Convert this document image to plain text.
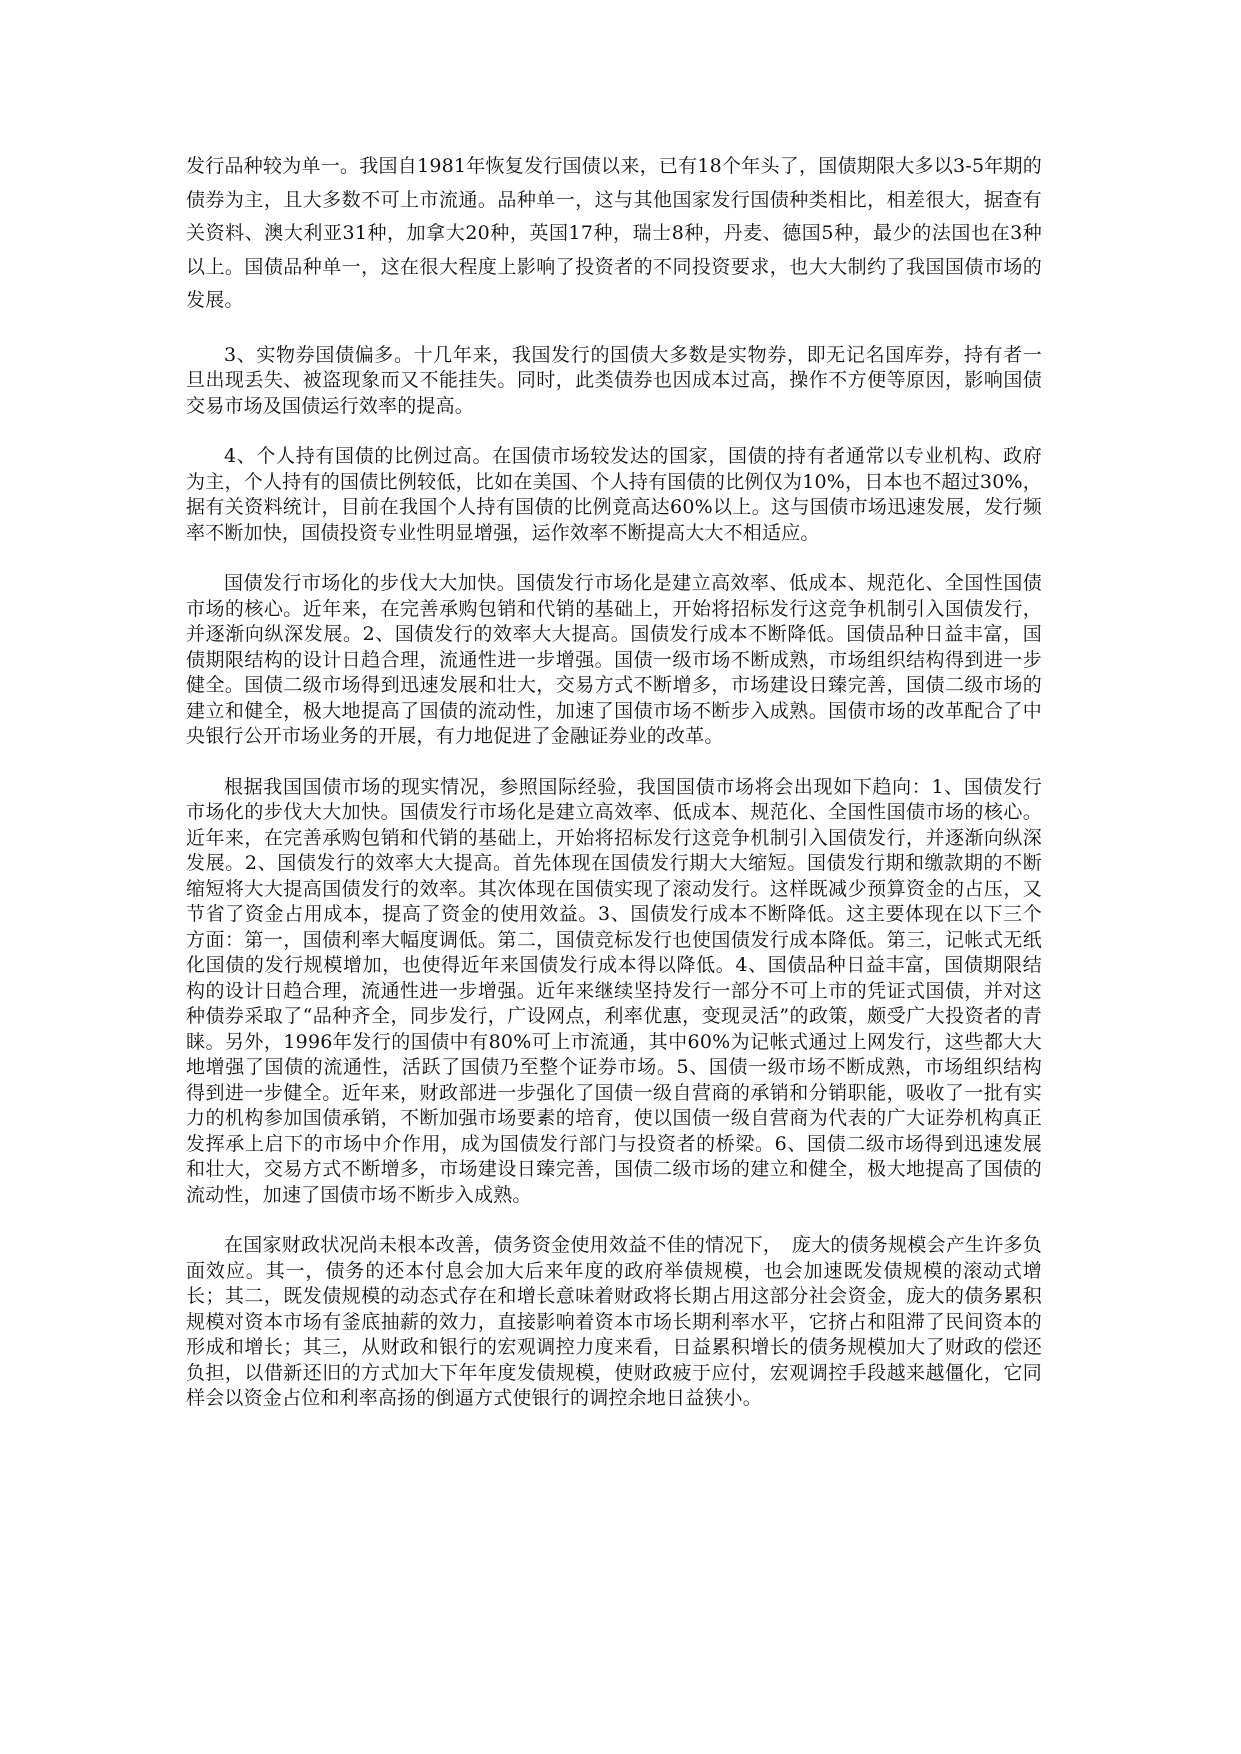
发行品种较为单一。我国自1981年恢复发行国债以来，已有18个年头了，国债期限大多以3-5年期的债券为主，且大多数不可上市流通。品种单一，这与其他国家发行国债种类相比，相差很大，据查有关资料、澳大利亚31种，加拿大20种，英国17种，瑞士8种，丹麦、德国5种，最少的法国也在3种以上。国债品种单一，这在很大程度上影响了投资者的不同投资要求，也大大制约了我国国债市场的发展。

3、实物券国债偏多。十几年来，我国发行的国债大多数是实物券，即无记名国库券，持有者一旦出现丢失、被盗现象而又不能挂失。同时，此类债券也因成本过高，操作不方便等原因，影响国债交易市场及国债运行效率的提高。

4、个人持有国债的比例过高。在国债市场较发达的国家，国债的持有者通常以专业机构、政府为主，个人持有的国债比例较低，比如在美国、个人持有国债的比例仅为10%，日本也不超过30%，据有关资料统计，目前在我国个人持有国债的比例竟高达60%以上。这与国债市场迅速发展，发行频率不断加快，国债投资专业性明显增强，运作效率不断提高大大不相适应。

国债发行市场化的步伐大大加快。国债发行市场化是建立高效率、低成本、规范化、全国性国债市场的核心。近年来，在完善承购包销和代销的基础上，开始将招标发行这竞争机制引入国债发行，并逐渐向纵深发展。2、国债发行的效率大大提高。国债发行成本不断降低。国债品种日益丰富，国债期限结构的设计日趋合理，流通性进一步增强。国债一级市场不断成熟，市场组织结构得到进一步健全。国债二级市场得到迅速发展和壮大，交易方式不断增多，市场建设日臻完善，国债二级市场的建立和健全，极大地提高了国债的流动性，加速了国债市场不断步入成熟。国债市场的改革配合了中央银行公开市场业务的开展，有力地促进了金融证券业的改革。

根据我国国债市场的现实情况，参照国际经验，我国国债市场将会出现如下趋向：1、国债发行市场化的步伐大大加快。国债发行市场化是建立高效率、低成本、规范化、全国性国债市场的核心。近年来，在完善承购包销和代销的基础上，开始将招标发行这竞争机制引入国债发行，并逐渐向纵深发展。2、国债发行的效率大大提高。首先体现在国债发行期大大缩短。国债发行期和缴款期的不断缩短将大大提高国债发行的效率。其次体现在国债实现了滚动发行。这样既减少预算资金的占压，又节省了资金占用成本，提高了资金的使用效益。3、国债发行成本不断降低。这主要体现在以下三个方面：第一，国债利率大幅度调低。第二，国债竞标发行也使国债发行成本降低。第三，记帐式无纸化国债的发行规模增加，也使得近年来国债发行成本得以降低。4、国债品种日益丰富，国债期限结构的设计日趋合理，流通性进一步增强。近年来继续坚持发行一部分不可上市的凭证式国债，并对这种债券采取了“品种齐全，同步发行，广设网点，利率优惠，变现灵活”的政策，颇受广大投资者的青睐。另外，1996年发行的国债中有80%可上市流通，其中60%为记帐式通过上网发行，这些都大大地增强了国债的流通性，活跃了国债乃至整个证券市场。5、国债一级市场不断成熟，市场组织结构得到进一步健全。近年来，财政部进一步强化了国债一级自营商的承销和分销职能，吸收了一批有实力的机构参加国债承销，不断加强市场要素的培育，使以国债一级自营商为代表的广大证券机构真正发挥承上启下的市场中介作用，成为国债发行部门与投资者的桥梁。6、国债二级市场得到迅速发展和壮大，交易方式不断增多，市场建设日臻完善，国债二级市场的建立和健全，极大地提高了国债的流动性，加速了国债市场不断步入成熟。

在国家财政状况尚未根本改善，债务资金使用效益不佳的情况下，　庞大的债务规模会产生许多负面效应。其一，债务的还本付息会加大后来年度的政府举债规模，也会加速既发债规模的滚动式增长；其二，既发债规模的动态式存在和增长意味着财政将长期占用这部分社会资金，庞大的债务累积规模对资本市场有釜底抽薪的效力，直接影响着资本市场长期利率水平，它挤占和阻滞了民间资本的形成和增长；其三，从财政和银行的宏观调控力度来看，日益累积增长的债务规模加大了财政的偿还负担，以借新还旧的方式加大下年年度发债规模，使财政疲于应付，宏观调控手段越来越僵化，它同样会以资金占位和利率高扬的倒逼方式使银行的调控余地日益狭小。
